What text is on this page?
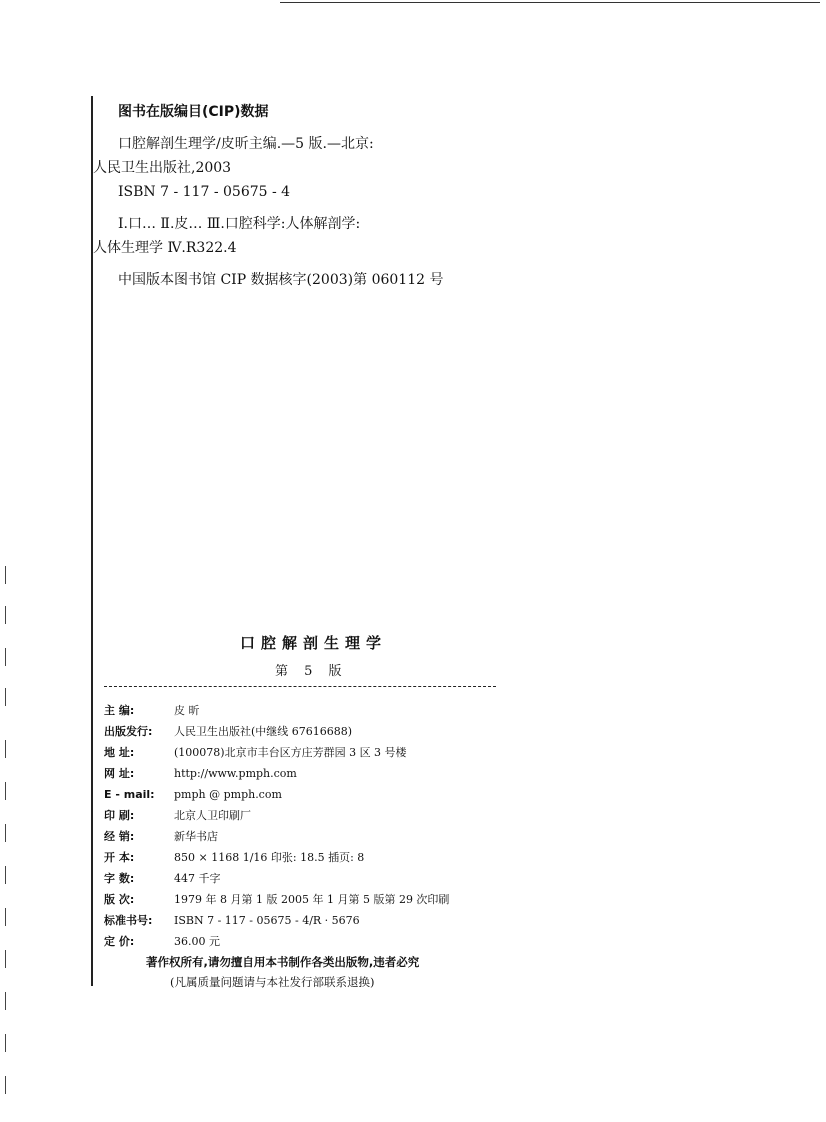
图书在版编目(CIP)数据
口腔解剖生理学/皮昕主编.—5 版.—北京:
人民卫生出版社,2003
ISBN 7 - 117 - 05675 - 4
Ⅰ.口… Ⅱ.皮… Ⅲ.口腔科学:人体解剖学:
人体生理学 Ⅳ.R322.4
中国版本图书馆 CIP 数据核字(2003)第 060112 号
口腔解剖生理学
第 5 版
主 编:	皮 昕
出版发行: 人民卫生出版社(中继线 67616688)
地 址:	(100078)北京市丰台区方庄芳群园 3 区 3 号楼
网 址:	http://www.pmph.com
E - mail: pmph @ pmph.com
印 刷:	北京人卫印刷厂
经 销:	新华书店
开 本:	850 × 1168 1/16 印张: 18.5 插页: 8
字 数:	447 千字
版 次:	1979 年 8 月第 1 版 2005 年 1 月第 5 版第 29 次印刷
标准书号: ISBN 7 - 117 - 05675 - 4/R · 5676
定 价:	36.00 元
著作权所有,请勿擅自用本书制作各类出版物,违者必究
(凡属质量问题请与本社发行部联系退换)
